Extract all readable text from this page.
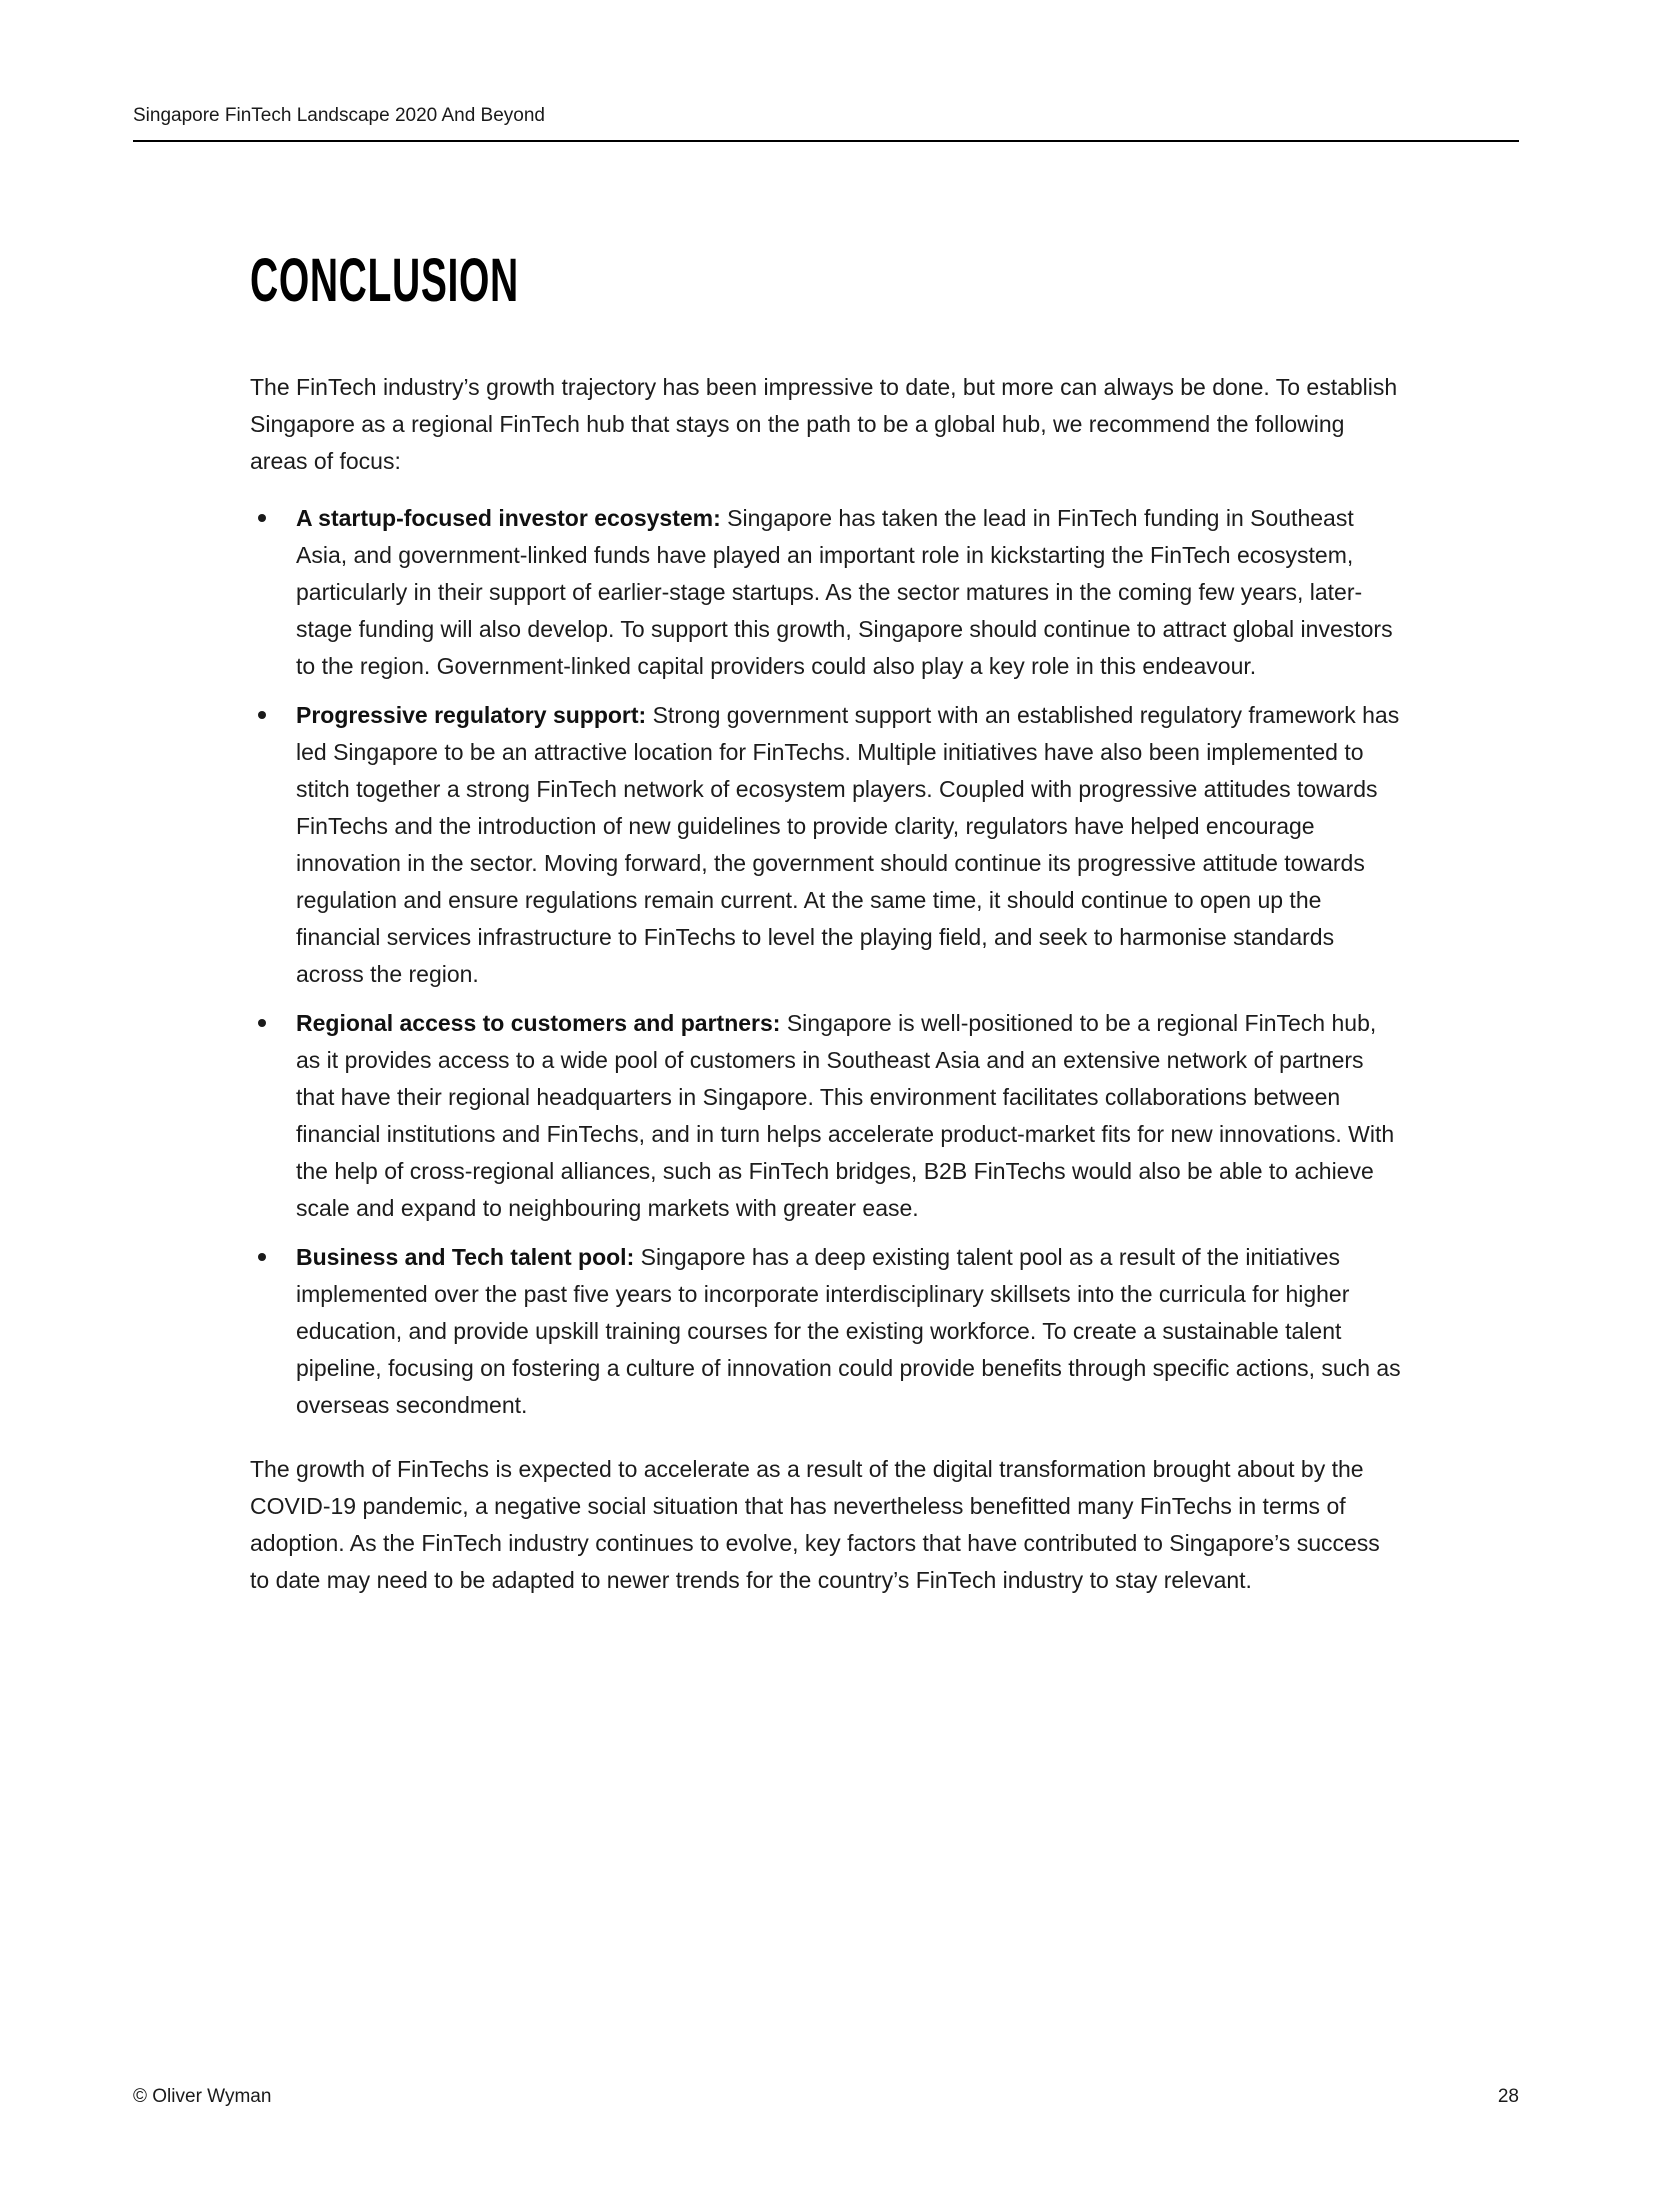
Singapore FinTech Landscape 2020 And Beyond
CONCLUSION

The FinTech industry’s growth trajectory has been impressive to date, but more can always be done. To establish Singapore as a regional FinTech hub that stays on the path to be a global hub, we recommend the following areas of focus:

A startup-focused investor ecosystem: Singapore has taken the lead in FinTech funding in Southeast Asia, and government-linked funds have played an important role in kickstarting the FinTech ecosystem, particularly in their support of earlier-stage startups. As the sector matures in the coming few years, later-stage funding will also develop. To support this growth, Singapore should continue to attract global investors to the region. Government-linked capital providers could also play a key role in this endeavour.
Progressive regulatory support: Strong government support with an established regulatory framework has led Singapore to be an attractive location for FinTechs. Multiple initiatives have also been implemented to stitch together a strong FinTech network of ecosystem players. Coupled with progressive attitudes towards FinTechs and the introduction of new guidelines to provide clarity, regulators have helped encourage innovation in the sector. Moving forward, the government should continue its progressive attitude towards regulation and ensure regulations remain current. At the same time, it should continue to open up the financial services infrastructure to FinTechs to level the playing field, and seek to harmonise standards across the region.
Regional access to customers and partners: Singapore is well-positioned to be a regional FinTech hub, as it provides access to a wide pool of customers in Southeast Asia and an extensive network of partners that have their regional headquarters in Singapore. This environment facilitates collaborations between financial institutions and FinTechs, and in turn helps accelerate product-market fits for new innovations. With the help of cross-regional alliances, such as FinTech bridges, B2B FinTechs would also be able to achieve scale and expand to neighbouring markets with greater ease.
Business and Tech talent pool: Singapore has a deep existing talent pool as a result of the initiatives implemented over the past five years to incorporate interdisciplinary skillsets into the curricula for higher education, and provide upskill training courses for the existing workforce. To create a sustainable talent pipeline, focusing on fostering a culture of innovation could provide benefits through specific actions, such as overseas secondment.

The growth of FinTechs is expected to accelerate as a result of the digital transformation brought about by the COVID-19 pandemic, a negative social situation that has nevertheless benefitted many FinTechs in terms of adoption. As the FinTech industry continues to evolve, key factors that have contributed to Singapore’s success to date may need to be adapted to newer trends for the country’s FinTech industry to stay relevant.

© Oliver Wyman	28
